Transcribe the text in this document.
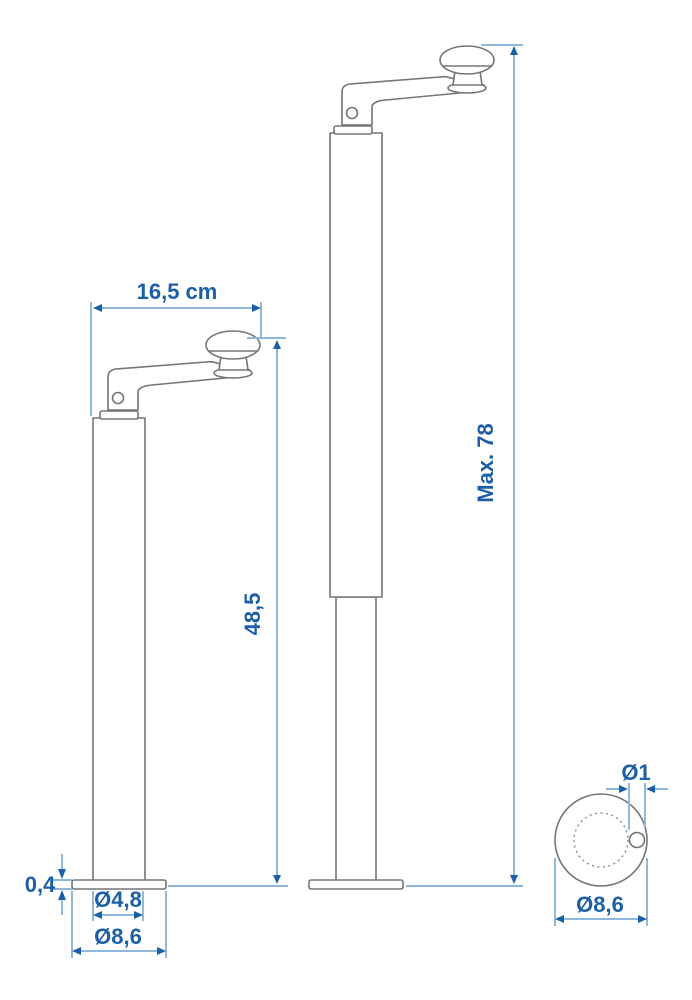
16,5 cm
48,5
Max. 78
0,4
Ø4,8
Ø8,6
Ø1
Ø8,6
